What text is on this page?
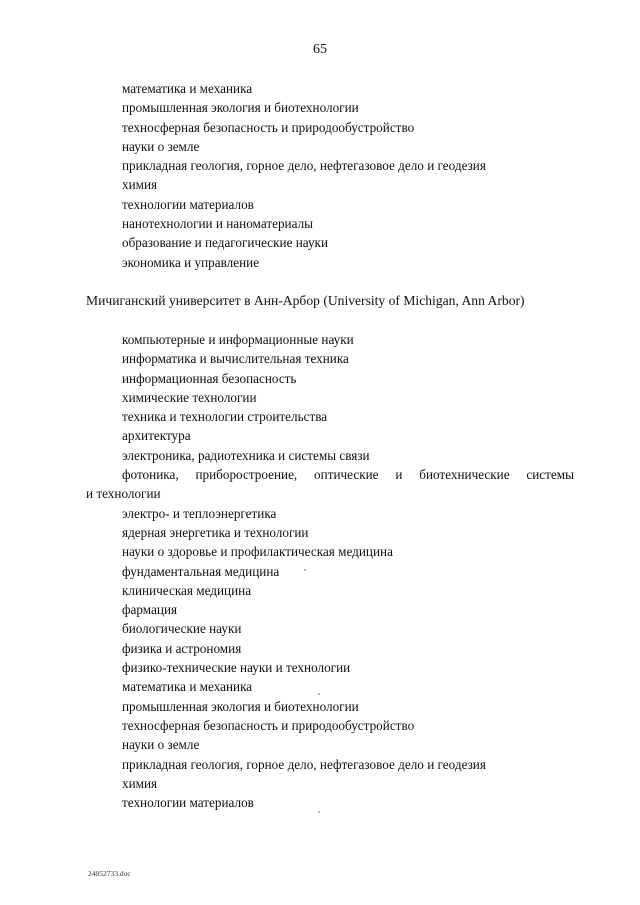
65
математика и механика
промышленная экология и биотехнологии
техносферная безопасность и природообустройство
науки о земле
прикладная геология, горное дело, нефтегазовое дело и геодезия
химия
технологии материалов
нанотехнологии и наноматериалы
образование и педагогические науки
экономика и управление
Мичиганский университет в Анн-Арбор (University of Michigan, Ann Arbor)
компьютерные и информационные науки
информатика и вычислительная техника
информационная безопасность
химические технологии
техника и технологии строительства
архитектура
электроника, радиотехника и системы связи
фотоника, приборостроение, оптические и биотехнические системы
и технологии
электро- и теплоэнергетика
ядерная энергетика и технологии
науки о здоровье и профилактическая медицина
фундаментальная медицина
клиническая медицина
фармация
биологические науки
физика и астрономия
физико-технические науки и технологии
математика и механика
промышленная экология и биотехнологии
техносферная безопасность и природообустройство
науки о земле
прикладная геология, горное дело, нефтегазовое дело и геодезия
химия
технологии материалов
24052733.doc
